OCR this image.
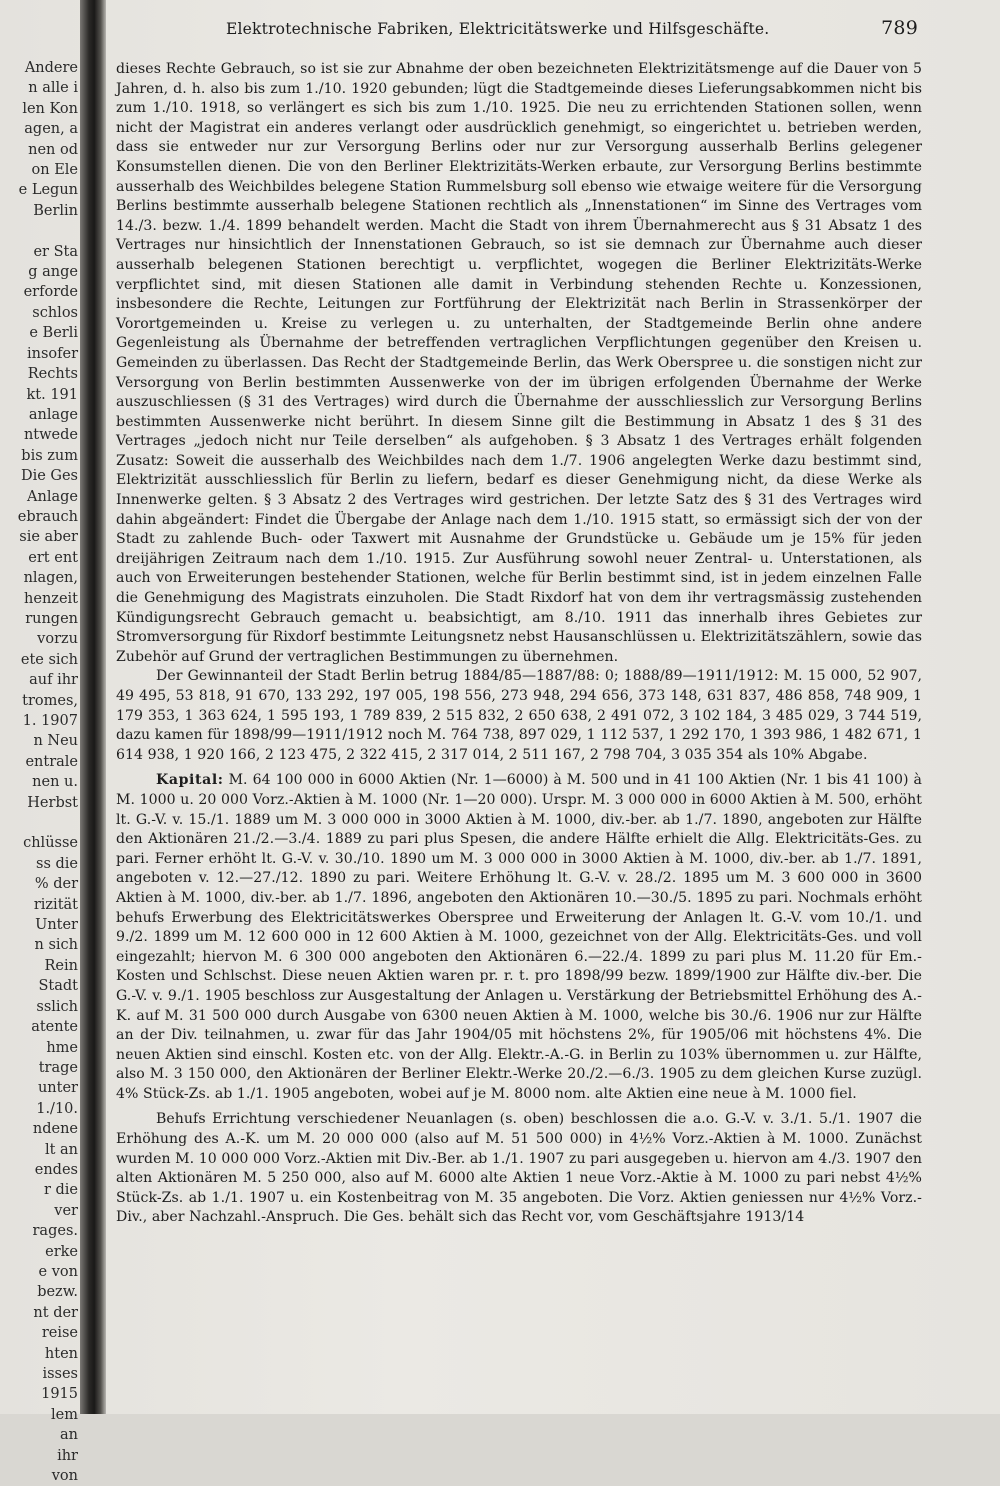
Andere
n alle i
len Kon
agen, a
nen od
on Ele
e Legun
Berlin

er Sta
g ange
erforde
schlos
e Berli
insofer
Rechts
kt. 191
anlage
ntwede
bis zum
Die Ges
Anlage
ebrauch
sie aber
ert ent
nlagen,
henzeit
rungen
vorzu
ete sich
auf ihr
tromes,
1. 1907
n Neu
entrale
nen u.
Herbst

chlüsse
ss die
% der
rizität
Unter
n sich
Rein
Stadt
sslich
atente
hme
trage
unter
1./10.
ndene
lt an
endes
r die
ver
rages.
erke
e von
bezw.
nt der
reise
hten
isses
1915
lem
an
ihr
von
Elektrotechnische Fabriken, Elektricitätswerke und Hilfsgeschäfte.	789

dieses Rechte Gebrauch, so ist sie zur Abnahme der oben bezeichneten Elektrizitätsmenge auf die Dauer von 5 Jahren, d. h. also bis zum 1./10. 1920 gebunden; lügt die Stadtgemeinde dieses Lieferungsabkommen nicht bis zum 1./10. 1918, so verlängert es sich bis zum 1./10. 1925. Die neu zu errichtenden Stationen sollen, wenn nicht der Magistrat ein anderes verlangt oder ausdrücklich genehmigt, so eingerichtet u. betrieben werden, dass sie entweder nur zur Versorgung Berlins oder nur zur Versorgung ausserhalb Berlins gelegener Konsumstellen dienen. Die von den Berliner Elektrizitäts-Werken erbaute, zur Versorgung Berlins bestimmte ausserhalb des Weichbildes belegene Station Rummelsburg soll ebenso wie etwaige weitere für die Versorgung Berlins bestimmte ausserhalb belegene Stationen rechtlich als „Innenstationen“ im Sinne des Vertrages vom 14./3. bezw. 1./4. 1899 behandelt werden. Macht die Stadt von ihrem Übernahmerecht aus § 31 Absatz 1 des Vertrages nur hinsichtlich der Innenstationen Gebrauch, so ist sie demnach zur Übernahme auch dieser ausserhalb belegenen Stationen berechtigt u. verpflichtet, wogegen die Berliner Elektrizitäts-Werke verpflichtet sind, mit diesen Stationen alle damit in Verbindung stehenden Rechte u. Konzessionen, insbesondere die Rechte, Leitungen zur Fortführung der Elektrizität nach Berlin in Strassenkörper der Vorortgemeinden u. Kreise zu verlegen u. zu unterhalten, der Stadtgemeinde Berlin ohne andere Gegenleistung als Übernahme der betreffenden vertraglichen Verpflichtungen gegenüber den Kreisen u. Gemeinden zu überlassen. Das Recht der Stadtgemeinde Berlin, das Werk Oberspree u. die sonstigen nicht zur Versorgung von Berlin bestimmten Aussenwerke von der im übrigen erfolgenden Übernahme der Werke auszuschliessen (§ 31 des Vertrages) wird durch die Übernahme der ausschliesslich zur Versorgung Berlins bestimmten Aussenwerke nicht berührt. In diesem Sinne gilt die Bestimmung in Absatz 1 des § 31 des Vertrages „jedoch nicht nur Teile derselben“ als aufgehoben. § 3 Absatz 1 des Vertrages erhält folgenden Zusatz: Soweit die ausserhalb des Weichbildes nach dem 1./7. 1906 angelegten Werke dazu bestimmt sind, Elektrizität ausschliesslich für Berlin zu liefern, bedarf es dieser Genehmigung nicht, da diese Werke als Innenwerke gelten. § 3 Absatz 2 des Vertrages wird gestrichen. Der letzte Satz des § 31 des Vertrages wird dahin abgeändert: Findet die Übergabe der Anlage nach dem 1./10. 1915 statt, so ermässigt sich der von der Stadt zu zahlende Buch- oder Taxwert mit Ausnahme der Grundstücke u. Gebäude um je 15% für jeden dreijährigen Zeitraum nach dem 1./10. 1915. Zur Ausführung sowohl neuer Zentral- u. Unterstationen, als auch von Erweiterungen bestehender Stationen, welche für Berlin bestimmt sind, ist in jedem einzelnen Falle die Genehmigung des Magistrats einzuholen. Die Stadt Rixdorf hat von dem ihr vertragsmässig zustehenden Kündigungsrecht Gebrauch gemacht u. beabsichtigt, am 8./10. 1911 das innerhalb ihres Gebietes zur Stromversorgung für Rixdorf bestimmte Leitungsnetz nebst Hausanschlüssen u. Elektrizitätszählern, sowie das Zubehör auf Grund der vertraglichen Bestimmungen zu übernehmen.

Der Gewinnanteil der Stadt Berlin betrug 1884/85—1887/88: 0; 1888/89—1911/1912: M. 15 000, 52 907, 49 495, 53 818, 91 670, 133 292, 197 005, 198 556, 273 948, 294 656, 373 148, 631 837, 486 858, 748 909, 1 179 353, 1 363 624, 1 595 193, 1 789 839, 2 515 832, 2 650 638, 2 491 072, 3 102 184, 3 485 029, 3 744 519, dazu kamen für 1898/99—1911/1912 noch M. 764 738, 897 029, 1 112 537, 1 292 170, 1 393 986, 1 482 671, 1 614 938, 1 920 166, 2 123 475, 2 322 415, 2 317 014, 2 511 167, 2 798 704, 3 035 354 als 10% Abgabe.

Kapital: M. 64 100 000 in 6000 Aktien (Nr. 1—6000) à M. 500 und in 41 100 Aktien (Nr. 1 bis 41 100) à M. 1000 u. 20 000 Vorz.-Aktien à M. 1000 (Nr. 1—20 000). Urspr. M. 3 000 000 in 6000 Aktien à M. 500, erhöht lt. G.-V. v. 15./1. 1889 um M. 3 000 000 in 3000 Aktien à M. 1000, div.-ber. ab 1./7. 1890, angeboten zur Hälfte den Aktionären 21./2.—3./4. 1889 zu pari plus Spesen, die andere Hälfte erhielt die Allg. Elektricitäts-Ges. zu pari. Ferner erhöht lt. G.-V. v. 30./10. 1890 um M. 3 000 000 in 3000 Aktien à M. 1000, div.-ber. ab 1./7. 1891, angeboten v. 12.—27./12. 1890 zu pari. Weitere Erhöhung lt. G.-V. v. 28./2. 1895 um M. 3 600 000 in 3600 Aktien à M. 1000, div.-ber. ab 1./7. 1896, angeboten den Aktionären 10.—30./5. 1895 zu pari. Nochmals erhöht behufs Erwerbung des Elektricitätswerkes Oberspree und Erweiterung der Anlagen lt. G.-V. vom 10./1. und 9./2. 1899 um M. 12 600 000 in 12 600 Aktien à M. 1000, gezeichnet von der Allg. Elektricitäts-Ges. und voll eingezahlt; hiervon M. 6 300 000 angeboten den Aktionären 6.—22./4. 1899 zu pari plus M. 11.20 für Em.-Kosten und Schlschst. Diese neuen Aktien waren pr. r. t. pro 1898/99 bezw. 1899/1900 zur Hälfte div.-ber. Die G.-V. v. 9./1. 1905 beschloss zur Ausgestaltung der Anlagen u. Verstärkung der Betriebsmittel Erhöhung des A.-K. auf M. 31 500 000 durch Ausgabe von 6300 neuen Aktien à M. 1000, welche bis 30./6. 1906 nur zur Hälfte an der Div. teilnahmen, u. zwar für das Jahr 1904/05 mit höchstens 2%, für 1905/06 mit höchstens 4%. Die neuen Aktien sind einschl. Kosten etc. von der Allg. Elektr.-A.-G. in Berlin zu 103% übernommen u. zur Hälfte, also M. 3 150 000, den Aktionären der Berliner Elektr.-Werke 20./2.—6./3. 1905 zu dem gleichen Kurse zuzügl. 4% Stück-Zs. ab 1./1. 1905 angeboten, wobei auf je M. 8000 nom. alte Aktien eine neue à M. 1000 fiel.

Behufs Errichtung verschiedener Neuanlagen (s. oben) beschlossen die a.o. G.-V. v. 3./1. 5./1. 1907 die Erhöhung des A.-K. um M. 20 000 000 (also auf M. 51 500 000) in 4½% Vorz.-Aktien à M. 1000. Zunächst wurden M. 10 000 000 Vorz.-Aktien mit Div.-Ber. ab 1./1. 1907 zu pari ausgegeben u. hiervon am 4./3. 1907 den alten Aktionären M. 5 250 000, also auf M. 6000 alte Aktien 1 neue Vorz.-Aktie à M. 1000 zu pari nebst 4½% Stück-Zs. ab 1./1. 1907 u. ein Kostenbeitrag von M. 35 angeboten. Die Vorz. Aktien geniessen nur 4½% Vorz.-Div., aber Nachzahl.-Anspruch. Die Ges. behält sich das Recht vor, vom Geschäftsjahre 1913/14
